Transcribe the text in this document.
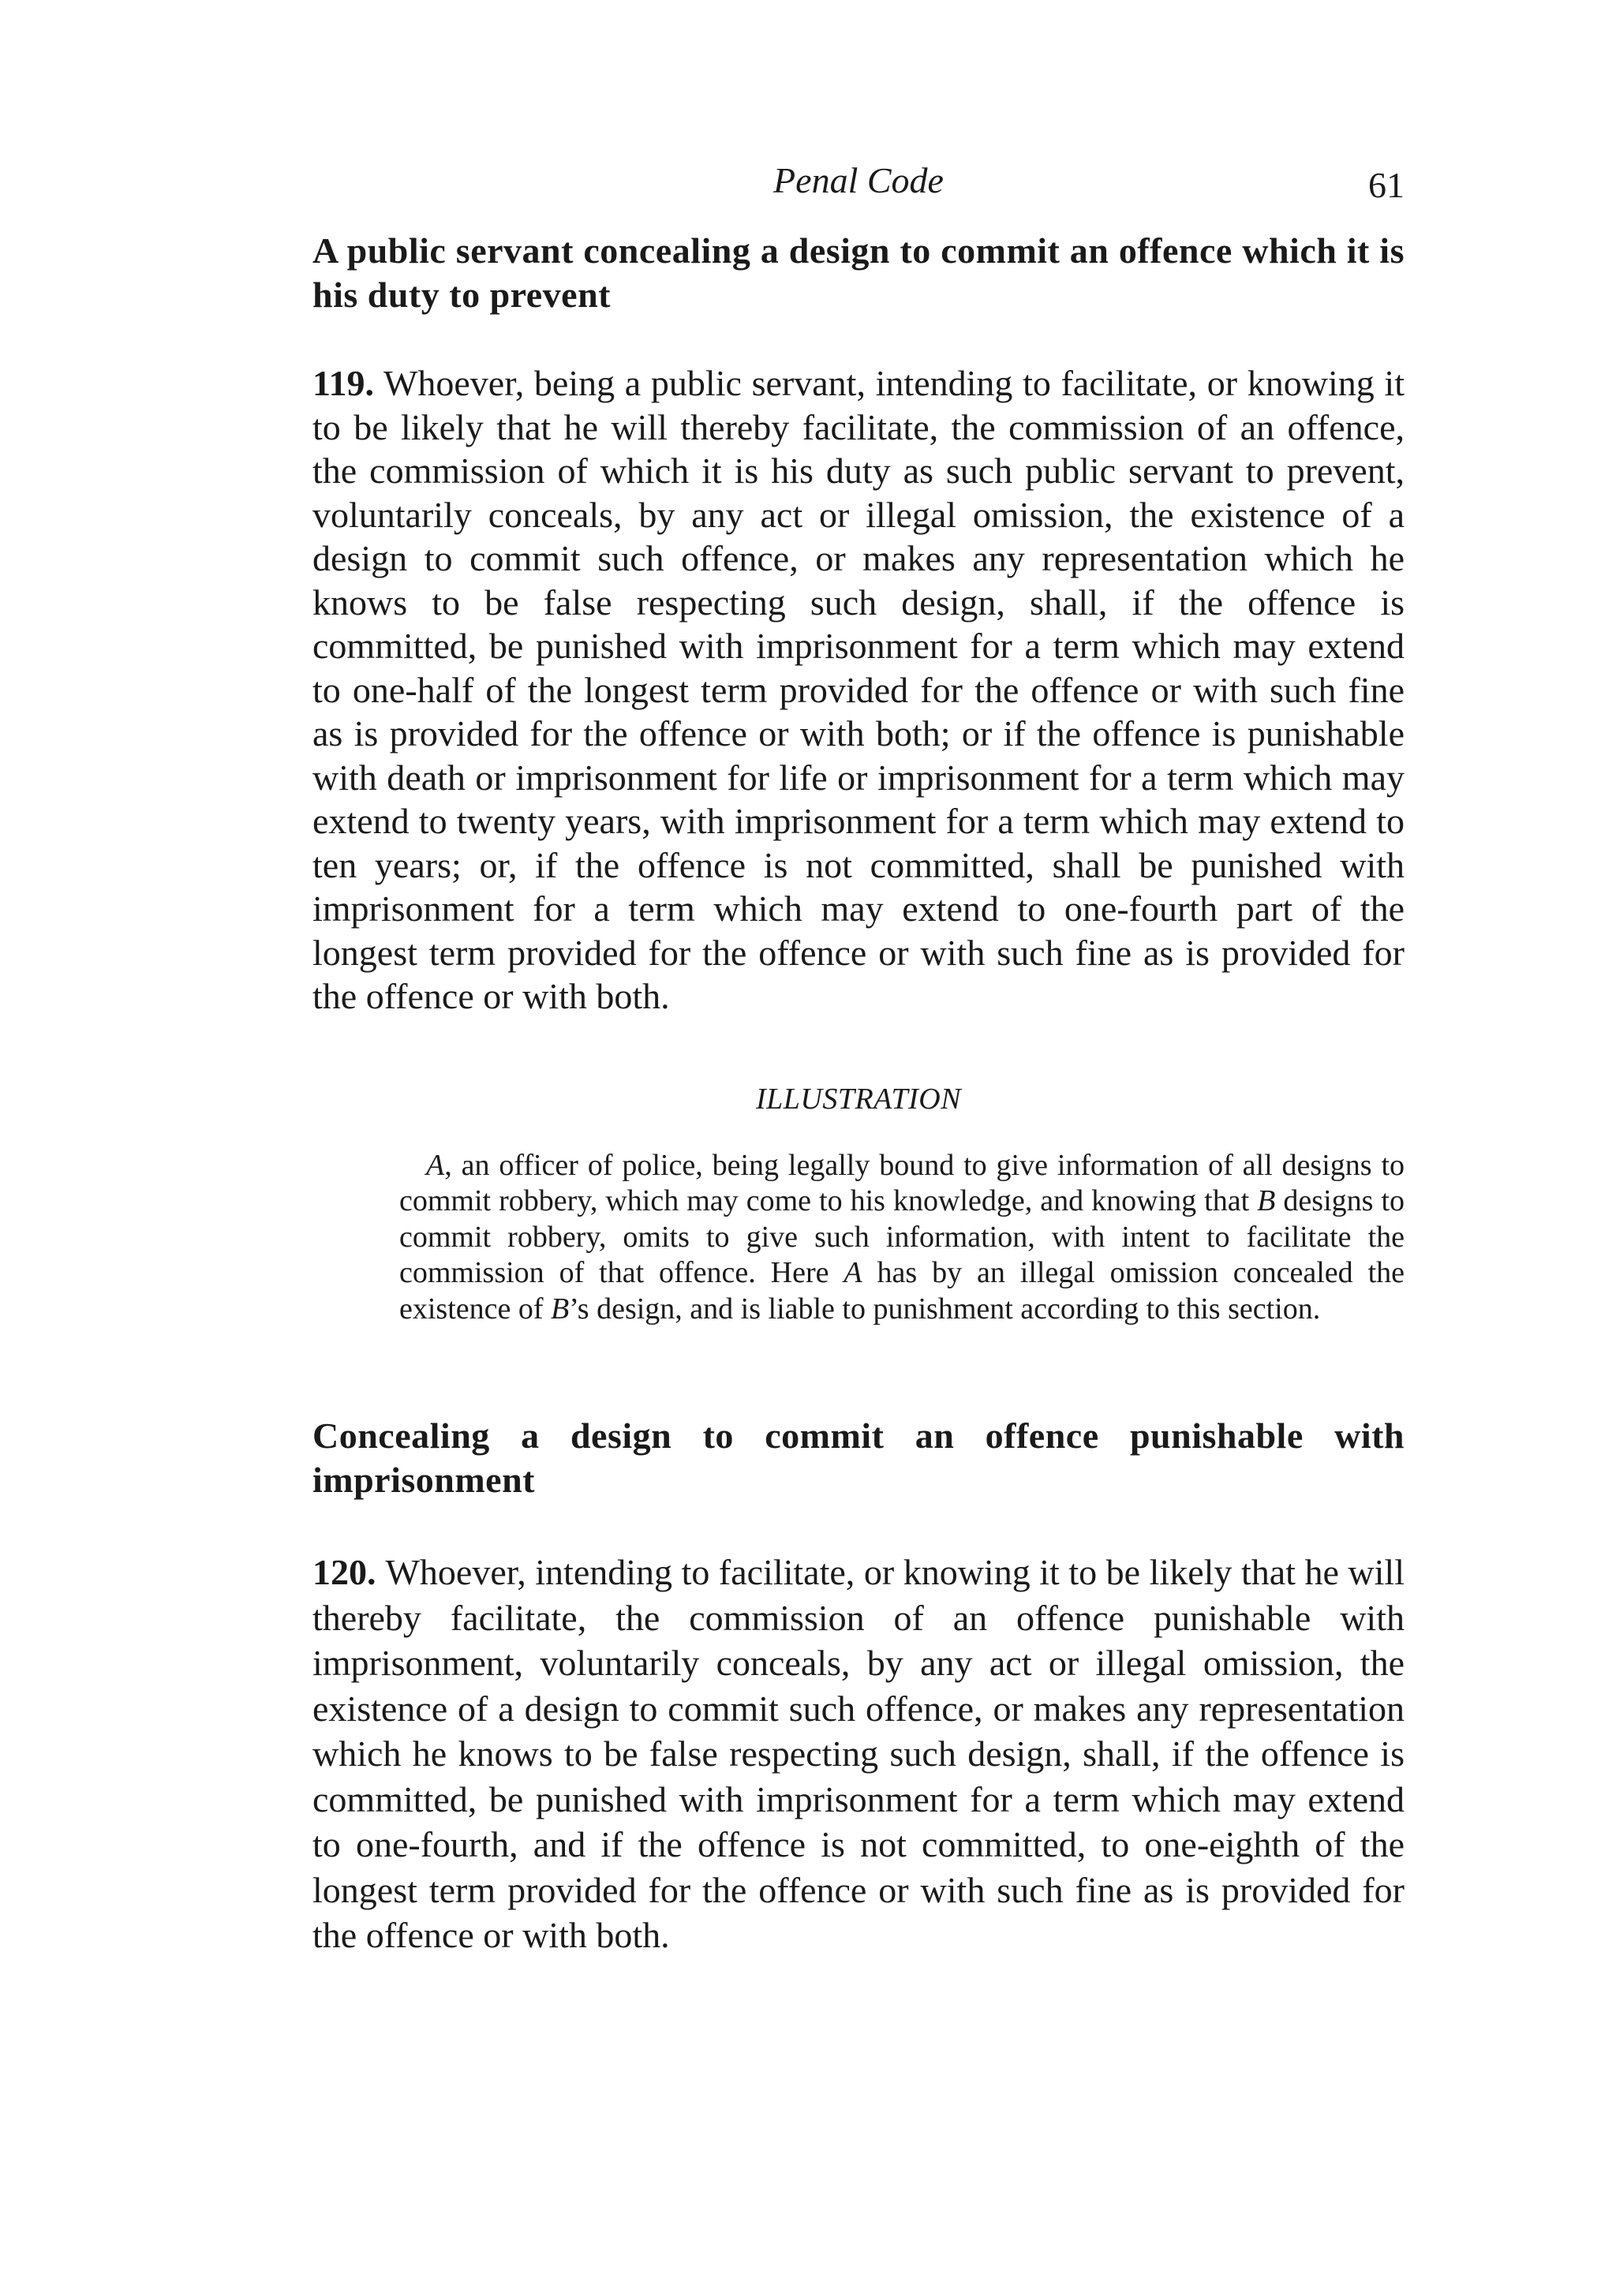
Penal Code	61
A public servant concealing a design to commit an offence which it is his duty to prevent

119. Whoever, being a public servant, intending to facilitate, or knowing it to be likely that he will thereby facilitate, the commission of an offence, the commission of which it is his duty as such public servant to prevent, voluntarily conceals, by any act or illegal omission, the existence of a design to commit such offence, or makes any representation which he knows to be false respecting such design, shall, if the offence is committed, be punished with imprisonment for a term which may extend to one-half of the longest term provided for the offence or with such fine as is provided for the offence or with both; or if the offence is punishable with death or imprisonment for life or imprisonment for a term which may extend to twenty years, with imprisonment for a term which may extend to ten years; or, if the offence is not committed, shall be punished with imprisonment for a term which may extend to one-fourth part of the longest term provided for the offence or with such fine as is provided for the offence or with both.

ILLUSTRATION

A, an officer of police, being legally bound to give information of all designs to commit robbery, which may come to his knowledge, and knowing that B designs to commit robbery, omits to give such information, with intent to facilitate the commission of that offence. Here A has by an illegal omission concealed the existence of B’s design, and is liable to punishment according to this section.

Concealing a design to commit an offence punishable with imprisonment

120. Whoever, intending to facilitate, or knowing it to be likely that he will thereby facilitate, the commission of an offence punishable with imprisonment, voluntarily conceals, by any act or illegal omission, the existence of a design to commit such offence, or makes any representation which he knows to be false respecting such design, shall, if the offence is committed, be punished with imprisonment for a term which may extend to one-fourth, and if the offence is not committed, to one-eighth of the longest term provided for the offence or with such fine as is provided for the offence or with both.
